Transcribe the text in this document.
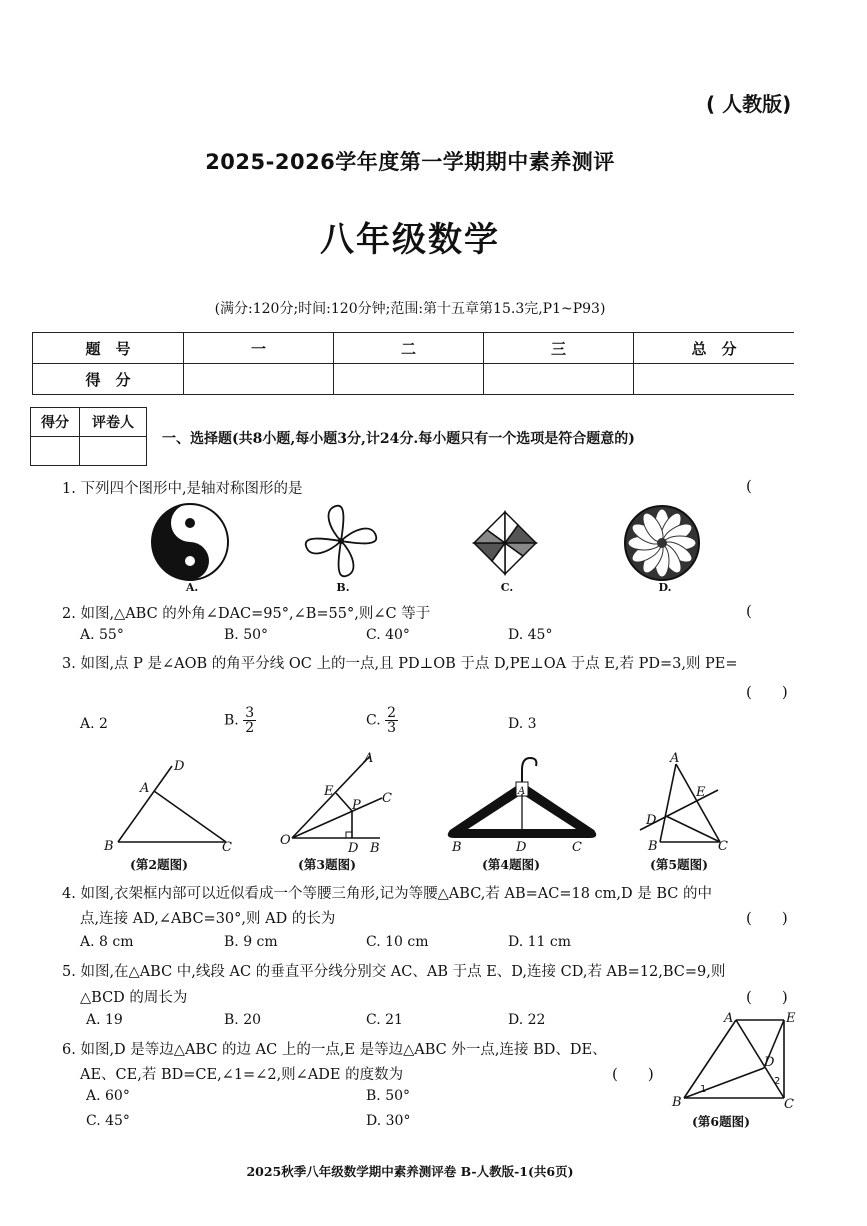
( 人教版)
2025-2026学年度第一学期期中素养测评
八年级数学
(满分:120分;时间:120分钟;范围:第十五章第15.3完,P1~P93)
题　号	一	二	三	总　分
得　分				
得分	评卷人

一、选择题(共8小题,每小题3分,计24分.每小题只有一个选项是符合题意的)
1. 下列四个图形中,是轴对称图形的是	(
A.	B.	C.	D.
2. 如图,△ABC 的外角∠DAC=95°,∠B=55°,则∠C 等于	(
A. 55°	B. 50°	C. 40°	D. 45°
3. 如图,点 P 是∠AOB 的角平分线 OC 上的一点,且 PD⊥OB 于点 D,PE⊥OA 于点 E,若 PD=3,则 PE=
(　　)
A. 2	B. $\frac{3}{2}$	C. $\frac{2}{3}$	D. 3
A
B	C
D
(第2题图)
A
E
P C
O
D B
(第3题图)
A
B	D	C
(第4题图)
A
E
D
B	C
(第5题图)
4. 如图,衣架框内部可以近似看成一个等腰三角形,记为等腰△ABC,若 AB=AC=18 cm,D 是 BC 的中
点,连接 AD,∠ABC=30°,则 AD 的长为	(　　)
A. 8 cm	B. 9 cm	C. 10 cm	D. 11 cm
5. 如图,在△ABC 中,线段 AC 的垂直平分线分别交 AC、AB 于点 E、D,连接 CD,若 AB=12,BC=9,则
△BCD 的周长为	(　　)
A. 19	B. 20	C. 21	D. 22
6. 如图,D 是等边△ABC 的边 AC 上的一点,E 是等边△ABC 外一点,连接 BD、DE、
AE、CE,若 BD=CE,∠1=∠2,则∠ADE 的度数为	(　　)
A. 60°	B. 50°
C. 45°	D. 30°
A	E
D
B	C
1
2
(第6题图)
2025秋季八年级数学期中素养测评卷 B-人教版-1(共6页)
